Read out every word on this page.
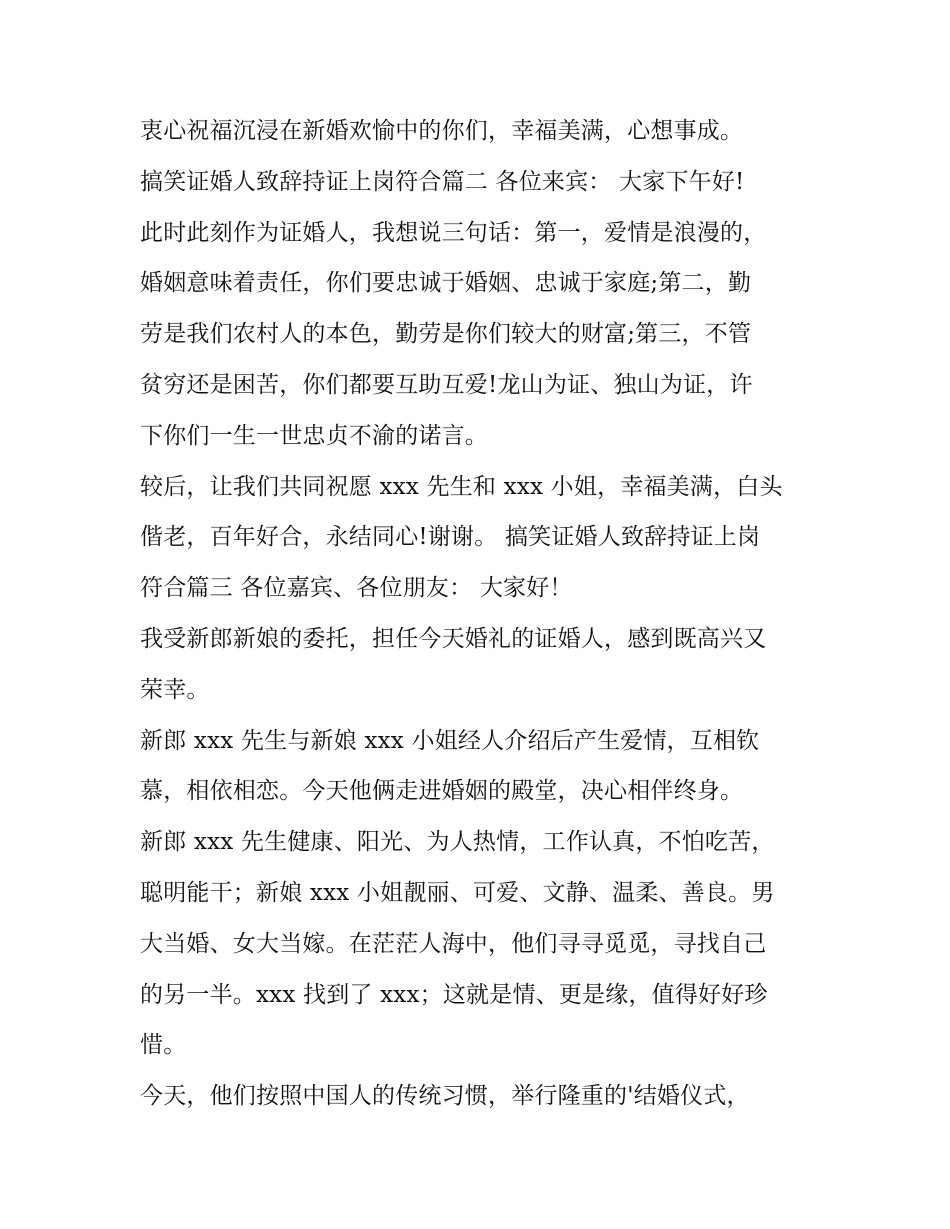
衷心祝福沉浸在新婚欢愉中的你们，幸福美满，心想事成。
搞笑证婚人致辞持证上岗符合篇二 各位来宾： 大家下午好!
此时此刻作为证婚人，我想说三句话：第一，爱情是浪漫的，
婚姻意味着责任，你们要忠诚于婚姻、忠诚于家庭;第二，勤
劳是我们农村人的本色，勤劳是你们较大的财富;第三，不管
贫穷还是困苦，你们都要互助互爱!龙山为证、独山为证，许
下你们一生一世忠贞不渝的诺言。
较后，让我们共同祝愿 xxx 先生和 xxx 小姐，幸福美满，白头
偕老，百年好合，永结同心!谢谢。 搞笑证婚人致辞持证上岗
符合篇三 各位嘉宾、各位朋友： 大家好！
我受新郎新娘的委托，担任今天婚礼的证婚人，感到既高兴又
荣幸。
新郎 xxx 先生与新娘 xxx 小姐经人介绍后产生爱情，互相钦
慕，相依相恋。今天他俩走进婚姻的殿堂，决心相伴终身。
新郎 xxx 先生健康、阳光、为人热情，工作认真，不怕吃苦，
聪明能干；新娘 xxx 小姐靓丽、可爱、文静、温柔、善良。男
大当婚、女大当嫁。在茫茫人海中，他们寻寻觅觅，寻找自己
的另一半。xxx 找到了 xxx；这就是情、更是缘，值得好好珍
惜。
今天，他们按照中国人的传统习惯，举行隆重的'结婚仪式，
